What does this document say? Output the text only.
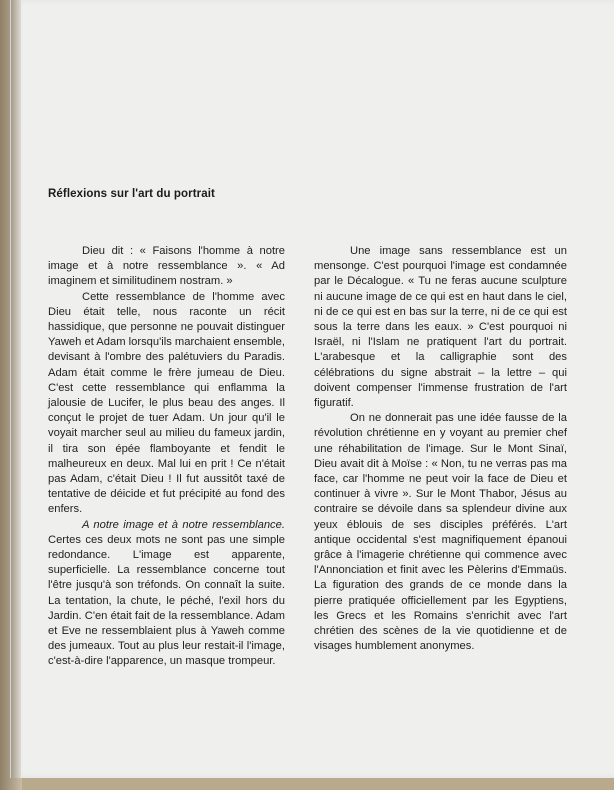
Réflexions sur l'art du portrait

Dieu dit : « Faisons l'homme à notre image et à notre ressemblance ». « Ad imaginem et similitudinem nostram. »

Cette ressemblance de l'homme avec Dieu était telle, nous raconte un récit hassidique, que personne ne pouvait distinguer Yaweh et Adam lorsqu'ils marchaient ensemble, devisant à l'ombre des palétuviers du Paradis. Adam était comme le frère jumeau de Dieu. C'est cette ressemblance qui enflamma la jalousie de Lucifer, le plus beau des anges. Il conçut le projet de tuer Adam. Un jour qu'il le voyait marcher seul au milieu du fameux jardin, il tira son épée flamboyante et fendit le malheureux en deux. Mal lui en prit ! Ce n'était pas Adam, c'était Dieu ! Il fut aussitôt taxé de tentative de déicide et fut précipité au fond des enfers.

A notre image et à notre ressemblance. Certes ces deux mots ne sont pas une simple redondance. L'image est apparente, superficielle. La ressemblance concerne tout l'être jusqu'à son tréfonds. On connaît la suite. La tentation, la chute, le péché, l'exil hors du Jardin. C'en était fait de la ressemblance. Adam et Eve ne ressemblaient plus à Yaweh comme des jumeaux. Tout au plus leur restait-il l'image, c'est-à-dire l'apparence, un masque trompeur.

Une image sans ressemblance est un mensonge. C'est pourquoi l'image est condamnée par le Décalogue. « Tu ne feras aucune sculpture ni aucune image de ce qui est en haut dans le ciel, ni de ce qui est en bas sur la terre, ni de ce qui est sous la terre dans les eaux. » C'est pourquoi ni Israël, ni l'Islam ne pratiquent l'art du portrait. L'arabesque et la calligraphie sont des célébrations du signe abstrait – la lettre – qui doivent compenser l'immense frustration de l'art figuratif.

On ne donnerait pas une idée fausse de la révolution chrétienne en y voyant au premier chef une réhabilitation de l'image. Sur le Mont Sinaï, Dieu avait dit à Moïse : « Non, tu ne verras pas ma face, car l'homme ne peut voir la face de Dieu et continuer à vivre ». Sur le Mont Thabor, Jésus au contraire se dévoile dans sa splendeur divine aux yeux éblouis de ses disciples préférés. L'art antique occidental s'est magnifiquement épanoui grâce à l'imagerie chrétienne qui commence avec l'Annonciation et finit avec les Pèlerins d'Emmaüs. La figuration des grands de ce monde dans la pierre pratiquée officiellement par les Egyptiens, les Grecs et les Romains s'enrichit avec l'art chrétien des scènes de la vie quotidienne et de visages humblement anonymes.
